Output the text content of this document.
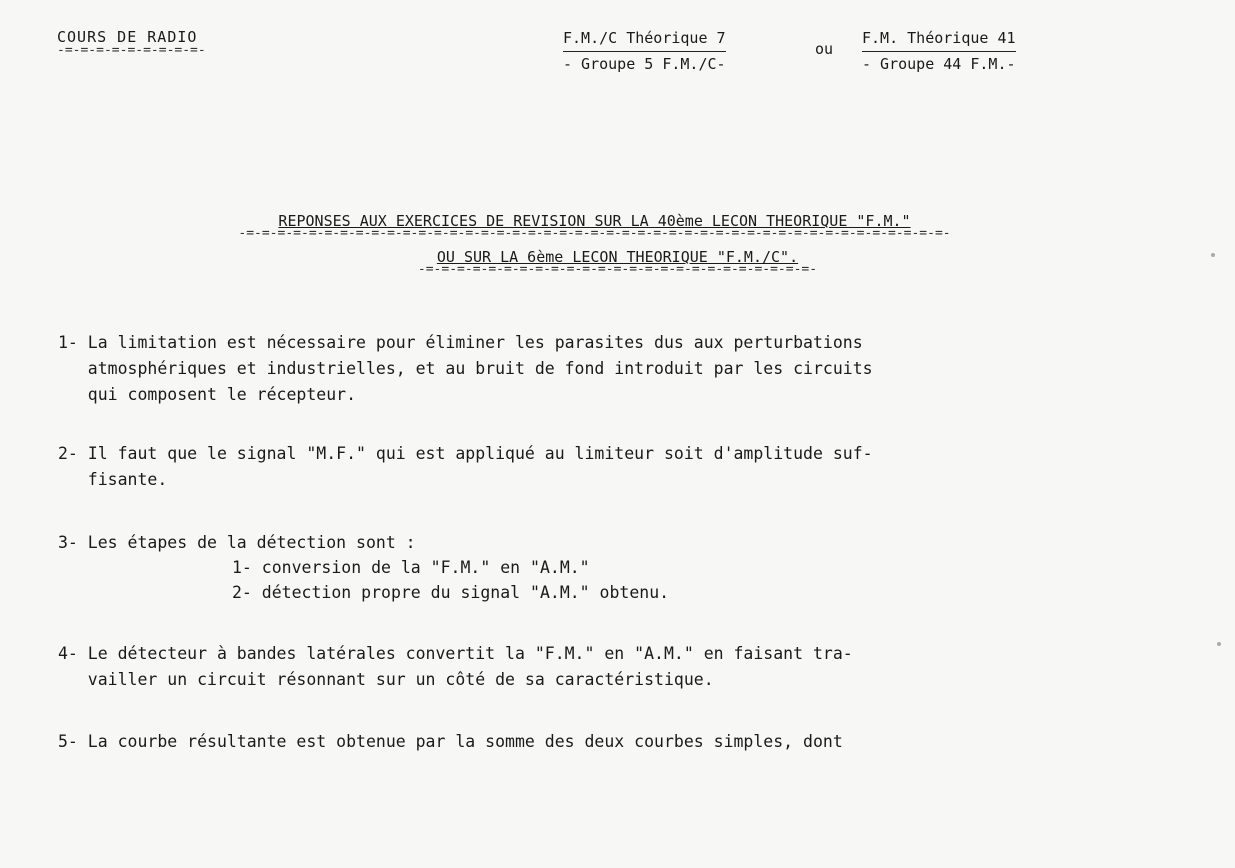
COURS DE RADIO
-=-=-=-=-=-=-=-=-=-
F.M./C Théorique 7
- Groupe 5 F.M./C-
ou
F.M. Théorique 41
- Groupe 44 F.M.-
REPONSES AUX EXERCICES DE REVISION SUR LA 40ème LECON THEORIQUE "F.M."
-=-=-=-=-=-=-=-=-=-=-=-=-=-=-=-=-=-=-=-=-=-=-=-=-=-=-=-=-=-=-=-=-=-=-=-=-=-=-=-=-=-=-=-=-=-
OU SUR LA 6ème LECON THEORIQUE "F.M./C".
-=-=-=-=-=-=-=-=-=-=-=-=-=-=-=-=-=-=-=-=-=-=-=-=-=-
1- La limitation est nécessaire pour éliminer les parasites dus aux perturbations
atmosphériques et industrielles, et au bruit de fond introduit par les circuits
qui composent le récepteur.
2- Il faut que le signal "M.F." qui est appliqué au limiteur soit d'amplitude suf-
fisante.
3- Les étapes de la détection sont :
1- conversion de la "F.M." en "A.M."
2- détection propre du signal "A.M." obtenu.
4- Le détecteur à bandes latérales convertit la "F.M." en "A.M." en faisant tra-
vailler un circuit résonnant sur un côté de sa caractéristique.
5- La courbe résultante est obtenue par la somme des deux courbes simples, dont
